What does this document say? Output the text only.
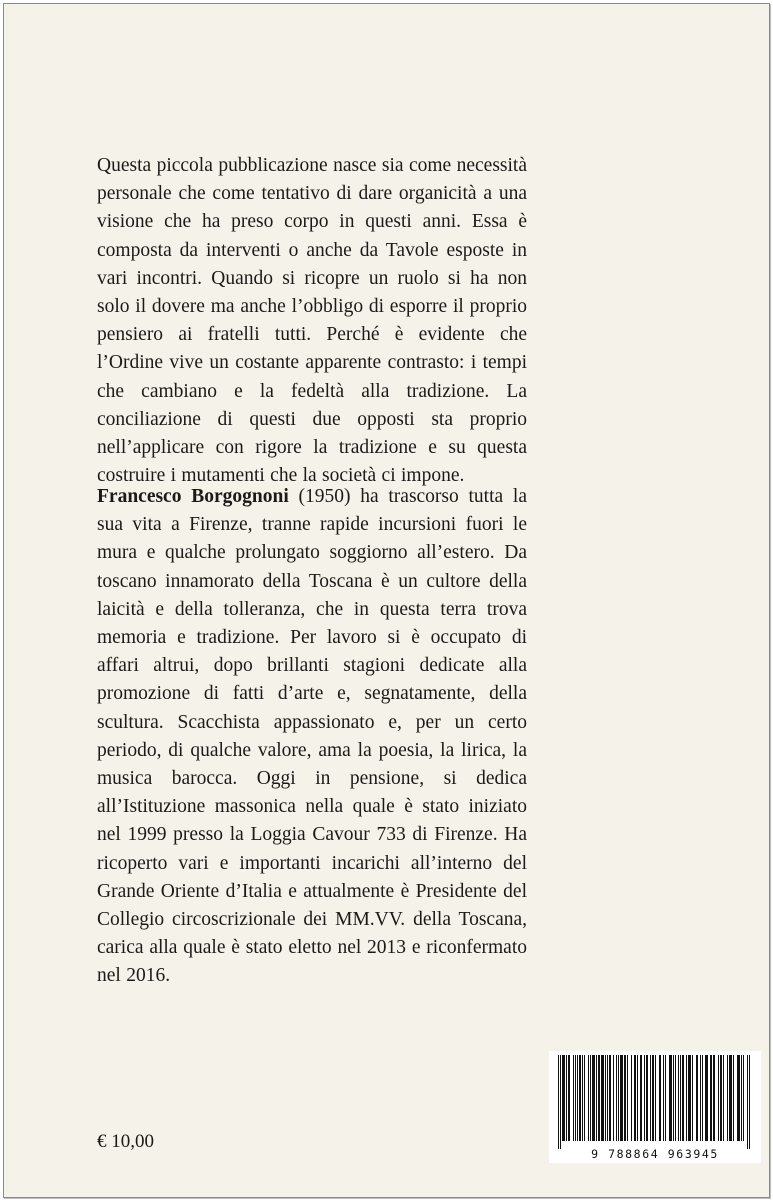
Questa piccola pubblicazione nasce sia come necessità personale che come tentativo di dare organicità a una visione che ha preso corpo in questi anni. Essa è composta da interventi o anche da Tavole esposte in vari incontri. Quando si ricopre un ruolo si ha non solo il dovere ma anche l’obbligo di esporre il proprio pensiero ai fratelli tutti. Perché è evidente che l’Ordine vive un costante apparente contrasto: i tempi che cambiano e la fedeltà alla tradizione. La conciliazione di questi due opposti sta proprio nell’applicare con rigore la tradizione e su questa costruire i mutamenti che la società ci impone.

Francesco Borgognoni (1950) ha trascorso tutta la sua vita a Firenze, tranne rapide incursioni fuori le mura e qualche prolungato soggiorno all’estero. Da toscano innamorato della Toscana è un cultore della laicità e della tolleranza, che in questa terra trova memoria e tradizione. Per lavoro si è occupato di affari altrui, dopo brillanti stagioni dedicate alla promozione di fatti d’arte e, segnatamente, della scultura. Scacchista appassionato e, per un certo periodo, di qualche valore, ama la poesia, la lirica, la musica barocca. Oggi in pensione, si dedica all’Istituzione massonica nella quale è stato iniziato nel 1999 presso la Loggia Cavour 733 di Firenze. Ha ricoperto vari e importanti incarichi all’interno del Grande Oriente d’Italia e attualmente è Presidente del Collegio circoscrizionale dei MM.VV. della Toscana, carica alla quale è stato eletto nel 2013 e riconfermato nel 2016.

€ 10,00
9 788864 963945
